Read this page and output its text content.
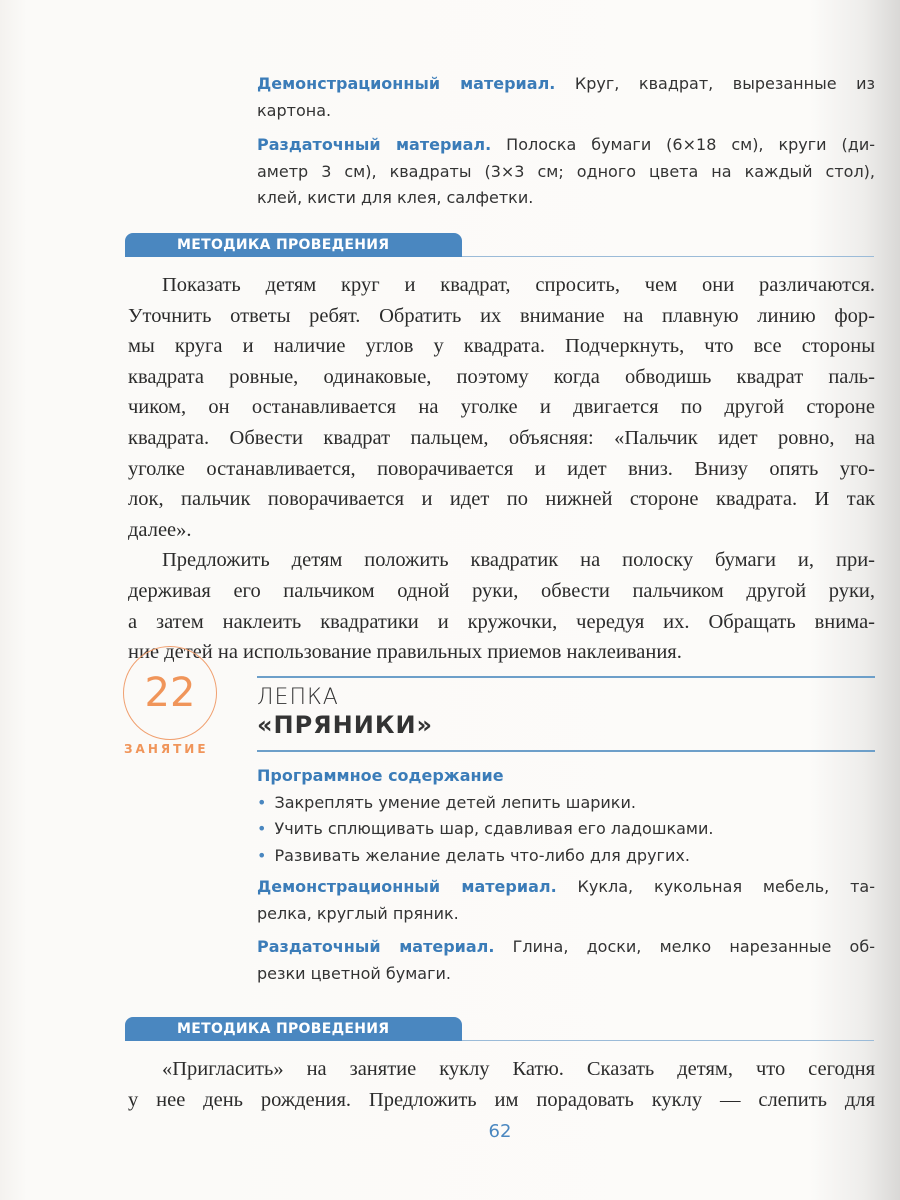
Демонстрационный материал. Круг, квадрат, вырезанные из
картона.
Раздаточный материал. Полоска бумаги (6×18 см), круги (ди-
аметр 3 см), квадраты (3×3 см; одного цвета на каждый стол),
клей, кисти для клея, салфетки.
МЕТОДИКА ПРОВЕДЕНИЯ
Показать детям круг и квадрат, спросить, чем они различаются.
Уточнить ответы ребят. Обратить их внимание на плавную линию фор-
мы круга и наличие углов у квадрата. Подчеркнуть, что все стороны
квадрата ровные, одинаковые, поэтому когда обводишь квадрат паль-
чиком, он останавливается на уголке и двигается по другой стороне
квадрата. Обвести квадрат пальцем, объясняя: «Пальчик идет ровно, на
уголке останавливается, поворачивается и идет вниз. Внизу опять уго-
лок, пальчик поворачивается и идет по нижней стороне квадрата. И так
далее».
Предложить детям положить квадратик на полоску бумаги и, при-
держивая его пальчиком одной руки, обвести пальчиком другой руки,
а затем наклеить квадратики и кружочки, чередуя их. Обращать внима-
ние детей на использование правильных приемов наклеивания.
22
ЗАНЯТИЕ
ЛЕПКА
«ПРЯНИКИ»
Программное содержание
• Закреплять умение детей лепить шарики.
• Учить сплющивать шар, сдавливая его ладошками.
• Развивать желание делать что-либо для других.
Демонстрационный материал. Кукла, кукольная мебель, та-
релка, круглый пряник.
Раздаточный материал. Глина, доски, мелко нарезанные об-
резки цветной бумаги.
МЕТОДИКА ПРОВЕДЕНИЯ
«Пригласить» на занятие куклу Катю. Сказать детям, что сегодня
у нее день рождения. Предложить им порадовать куклу — слепить для
62
